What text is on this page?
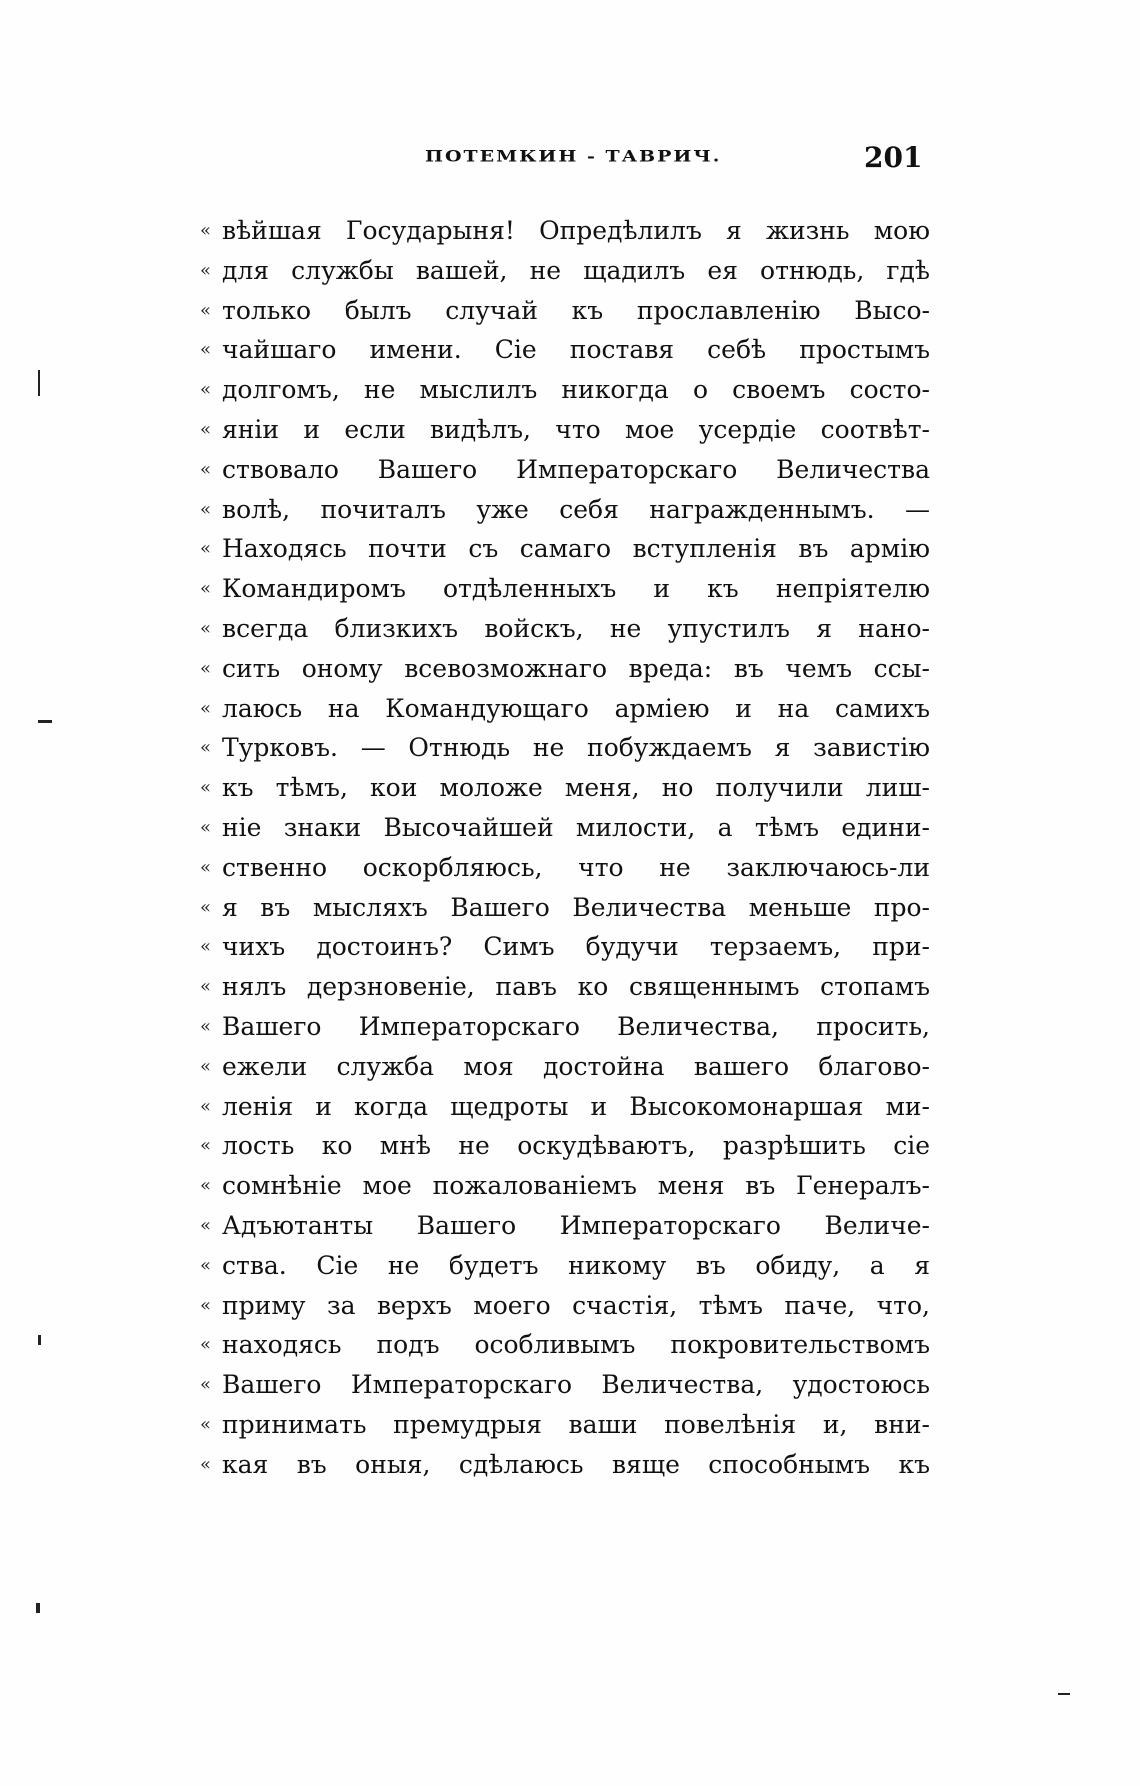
ПОТЕМКИН - ТАВРИЧ.	201
« вѣйшая Государыня! Опредѣлилъ я жизнь мою
« для службы вашей, не щадилъ ея отнюдь, гдѣ
« только былъ случай къ прославленію Высо-
« чайшаго имени. Сіе поставя себѣ простымъ
« долгомъ, не мыслилъ никогда о своемъ состо-
« яніи и если видѣлъ, что мое усердіе соотвѣт-
« ствовало Вашего Императорскаго Величества
« волѣ, почиталъ уже себя награжденнымъ. —
« Находясь почти съ самаго вступленія въ армію
« Командиромъ отдѣленныхъ и къ непріятелю
« всегда близкихъ войскъ, не упустилъ я нано-
« сить оному всевозможнаго вреда: въ чемъ ссы-
« лаюсь на Командующаго арміею и на самихъ
« Турковъ. — Отнюдь не побуждаемъ я завистію
« къ тѣмъ, кои моложе меня, но получили лиш-
« ніе знаки Высочайшей милости, а тѣмъ едини-
« ственно оскорбляюсь, что не заключаюсь-ли
« я въ мысляхъ Вашего Величества меньше про-
« чихъ достоинъ? Симъ будучи терзаемъ, при-
« нялъ дерзновеніе, павъ ко священнымъ стопамъ
« Вашего Императорскаго Величества, просить,
« ежели служба моя достойна вашего благово-
« ленія и когда щедроты и Высокомонаршая ми-
« лость ко мнѣ не оскудѣваютъ, разрѣшить сіе
« сомнѣніе мое пожалованіемъ меня въ Генералъ-
« Адъютанты Вашего Императорскаго Величе-
« ства. Сіе не будетъ никому въ обиду, а я
« приму за верхъ моего счастія, тѣмъ паче, что,
« находясь подъ особливымъ покровительствомъ
« Вашего Императорскаго Величества, удостоюсь
« принимать премудрыя ваши повелѣнія и, вни-
« кая въ оныя, сдѣлаюсь вяще способнымъ къ
